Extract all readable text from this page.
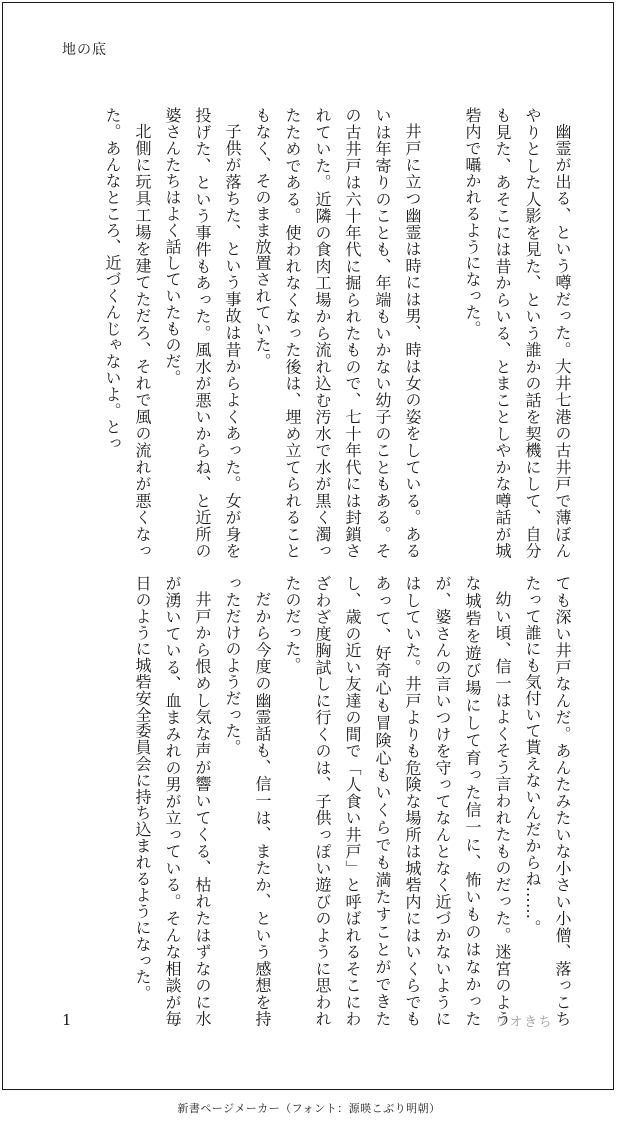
地の底

幽霊が出る、という噂だった。大井七港の古井戸で薄ぼんやりとした人影を見た、という誰かの話を契機にして、自分も見た、あそこには昔からいる、とまことしやかな噂話が城砦内で囁かれるようになった。

井戸に立つ幽霊は時には男、時は女の姿をしている。あるいは年寄りのことも、年端もいかない幼子のこともある。その古井戸は六十年代に掘られたもので、七十年代には封鎖されていた。近隣の食肉工場から流れ込む汚水で水が黒く濁ったためである。使われなくなった後は、埋め立てられることもなく、そのまま放置されていた。

子供が落ちた、という事故は昔からよくあった。女が身を投げた、という事件もあった。風水が悪いからね、と近所の婆さんたちはよく話していたものだ。

北側に玩具工場を建てただろ、それで風の流れが悪くなった。あんなところ、近づくんじゃないよ。とっ

ても深い井戸なんだ。あんたみたいな小さい小僧、落っこちたって誰にも気付いて貰えないんだからね……。

幼い頃、信一はよくそう言われたものだった。迷宮のような城砦を遊び場にして育った信一に、怖いものはなかったが、婆さんの言いつけを守ってなんとなく近づかないようにはしていた。井戸よりも危険な場所は城砦内にはいくらでもあって、好奇心も冒険心もいくらでも満たすことができたし、歳の近い友達の間で「人食い井戸」と呼ばれるそこにわざわざ度胸試しに行くのは、子供っぽい遊びのように思われたのだった。

だから今度の幽霊話も、信一は、またか、という感想を持っただけのようだった。

井戸から恨めし気な声が響いてくる、枯れたはずなのに水が湧いている、血まみれの男が立っている。そんな相談が毎日のように城砦安全委員会に持ち込まれるようになった。

1	ワオきち
新書ページメーカー（フォント：源暎こぶり明朝）
